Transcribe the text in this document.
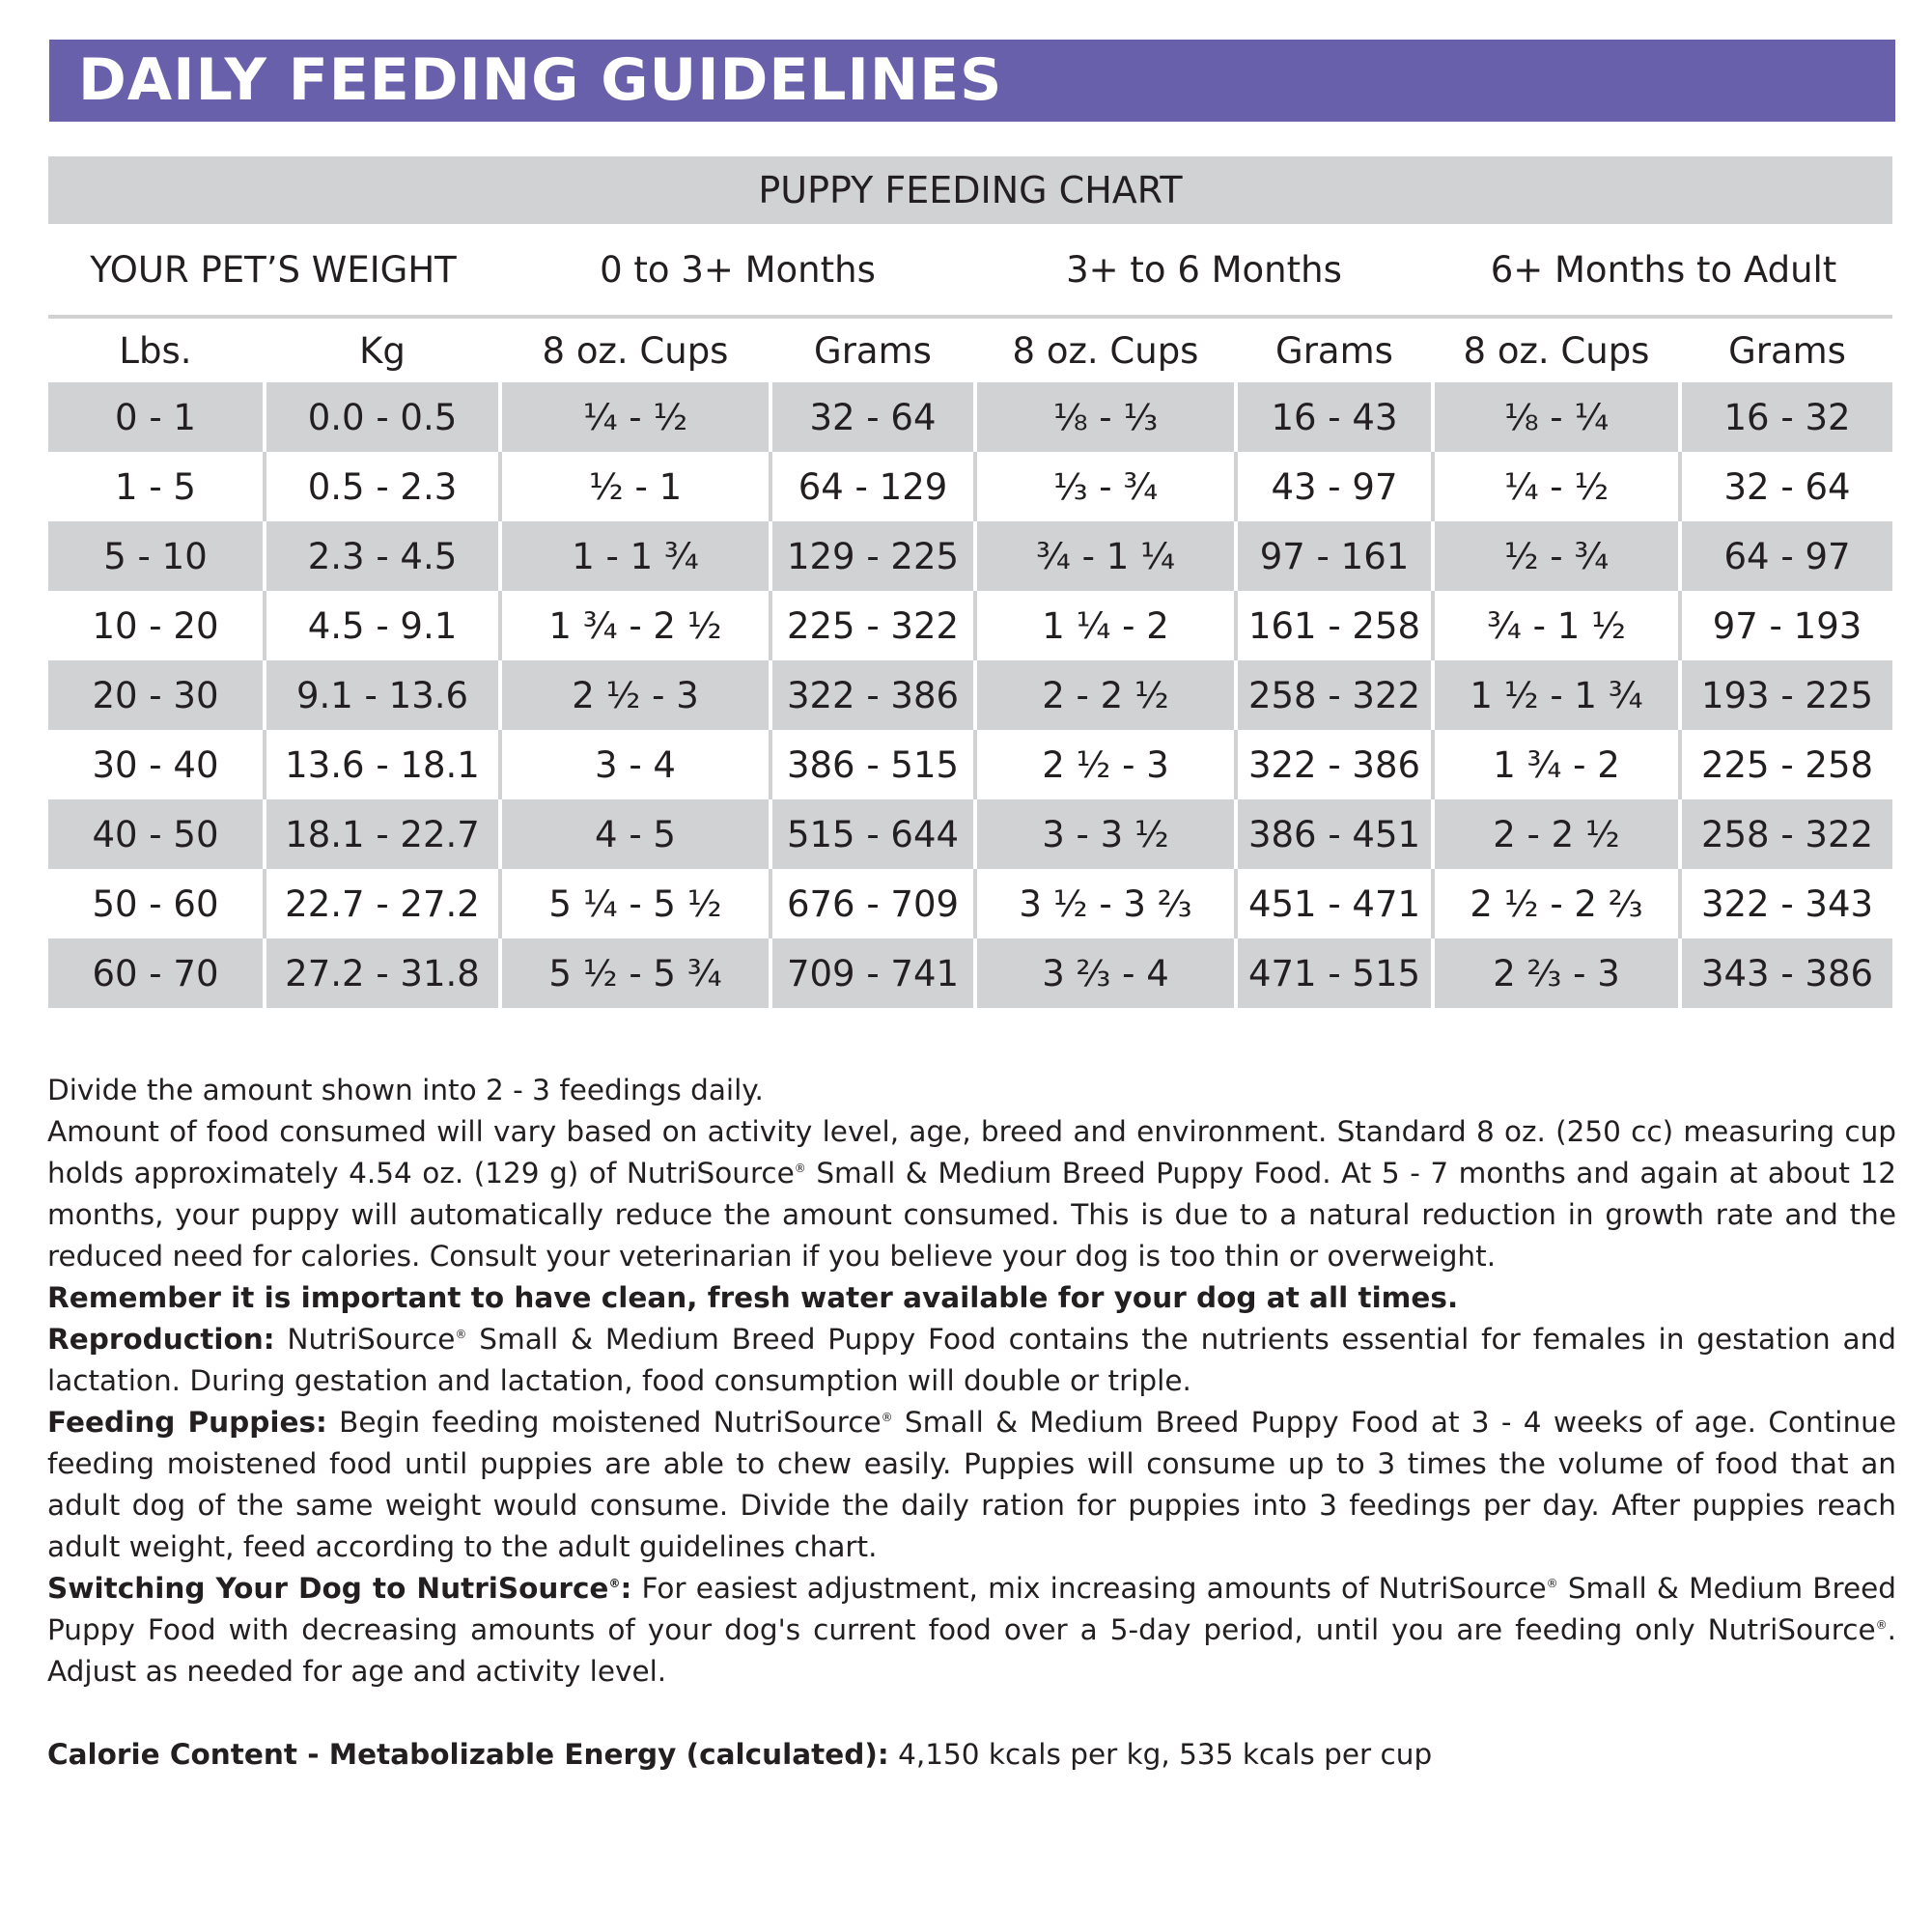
DAILY FEEDING GUIDELINES
PUPPY FEEDING CHART							
YOUR PET’S WEIGHT		0 to 3+ Months		3+ to 6 Months		6+ Months to Adult	
Lbs.	Kg	8 oz. Cups	Grams	8 oz. Cups	Grams	8 oz. Cups	Grams
0 - 1	0.0 - 0.5	¼ - ½	32 - 64	⅛ - ⅓	16 - 43	⅛ - ¼	16 - 32
1 - 5	0.5 - 2.3	½ - 1	64 - 129	⅓ - ¾	43 - 97	¼ - ½	32 - 64
5 - 10	2.3 - 4.5	1 - 1 ¾	129 - 225	¾ - 1 ¼	97 - 161	½ - ¾	64 - 97
10 - 20	4.5 - 9.1	1 ¾ - 2 ½	225 - 322	1 ¼ - 2	161 - 258	¾ - 1 ½	97 - 193
20 - 30	9.1 - 13.6	2 ½ - 3	322 - 386	2 - 2 ½	258 - 322	1 ½ - 1 ¾	193 - 225
30 - 40	13.6 - 18.1	3 - 4	386 - 515	2 ½ - 3	322 - 386	1 ¾ - 2	225 - 258
40 - 50	18.1 - 22.7	4 - 5	515 - 644	3 - 3 ½	386 - 451	2 - 2 ½	258 - 322
50 - 60	22.7 - 27.2	5 ¼ - 5 ½	676 - 709	3 ½ - 3 ⅔	451 - 471	2 ½ - 2 ⅔	322 - 343
60 - 70	27.2 - 31.8	5 ½ - 5 ¾	709 - 741	3 ⅔ - 4	471 - 515	2 ⅔ - 3	343 - 386

Divide the amount shown into 2 - 3 feedings daily.

Amount of food consumed will vary based on activity level, age, breed and environment. Standard 8 oz. (250 cc) measuring cup holds approximately 4.54 oz. (129 g) of NutriSource® Small & Medium Breed Puppy Food. At 5 - 7 months and again at about 12 months, your puppy will automatically reduce the amount consumed. This is due to a natural reduction in growth rate and the reduced need for calories. Consult your veterinarian if you believe your dog is too thin or overweight.

Remember it is important to have clean, fresh water available for your dog at all times.

Reproduction: NutriSource® Small & Medium Breed Puppy Food contains the nutrients essential for females in gestation and lactation. During gestation and lactation, food consumption will double or triple.

Feeding Puppies: Begin feeding moistened NutriSource® Small & Medium Breed Puppy Food at 3 - 4 weeks of age. Continue feeding moistened food until puppies are able to chew easily. Puppies will consume up to 3 times the volume of food that an adult dog of the same weight would consume. Divide the daily ration for puppies into 3 feedings per day. After puppies reach adult weight, feed according to the adult guidelines chart.

Switching Your Dog to NutriSource®: For easiest adjustment, mix increasing amounts of NutriSource® Small & Medium Breed Puppy Food with decreasing amounts of your dog's current food over a 5-day period, until you are feeding only NutriSource®. Adjust as needed for age and activity level.

Calorie Content - Metabolizable Energy (calculated): 4,150 kcals per kg, 535 kcals per cup
